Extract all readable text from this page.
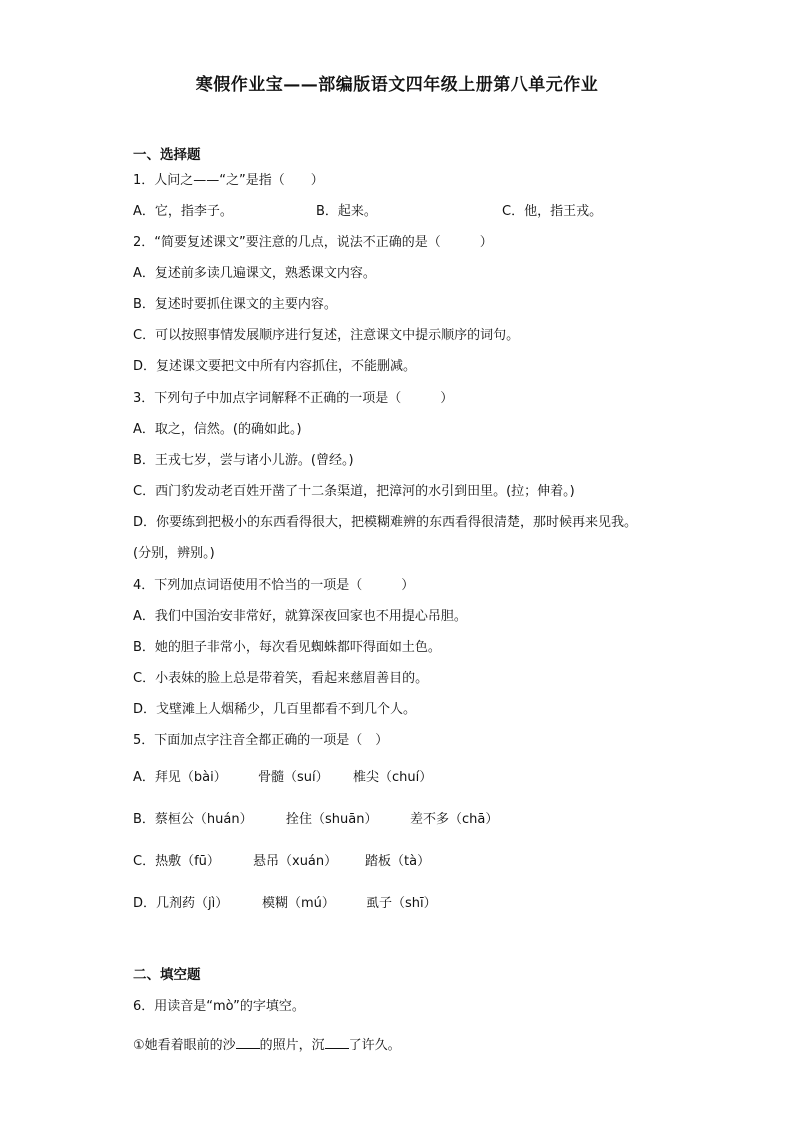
寒假作业宝——部编版语文四年级上册第八单元作业
一、选择题
1．人问之——“之”是指（　　）
A．它，指李子。	B．起来。	C．他，指王戎。
2．“简要复述课文”要注意的几点，说法不正确的是（　　　）
A．复述前多读几遍课文，熟悉课文内容。
B．复述时要抓住课文的主要内容。
C．可以按照事情发展顺序进行复述，注意课文中提示顺序的词句。
D．复述课文要把文中所有内容抓住，不能删减。
3．下列句子中加点字词解释不正确的一项是（　　　）
A．取之，信然。(的确如此。)
B．王戎七岁，尝与诸小儿游。(曾经。)
C．西门豹发动老百姓开凿了十二条渠道，把漳河的水引到田里。(拉；伸着。)
D．你要练到把极小的东西看得很大，把模糊难辨的东西看得很清楚，那时候再来见我。
(分别，辨别。)
4．下列加点词语使用不恰当的一项是（　　　）
A．我们中国治安非常好，就算深夜回家也不用提心吊胆。
B．她的胆子非常小，每次看见蜘蛛都吓得面如土色。
C．小表妹的脸上总是带着笑，看起来慈眉善目的。
D．戈壁滩上人烟稀少，几百里都看不到几个人。
5．下面加点字注音全都正确的一项是（　）
A．拜见（bài） 骨髓（suí） 椎尖（chuí）
B．蔡桓公（huán）	拴住（shuān）	差不多（chā）
C．热敷（fū）	悬吊（xuán） 踏板（tà）
D．几剂药（jì）	模糊（mú） 虱子（shī）
二、填空题
6．用读音是“mò”的字填空。
①她看着眼前的沙 的照片，沉 了许久。
